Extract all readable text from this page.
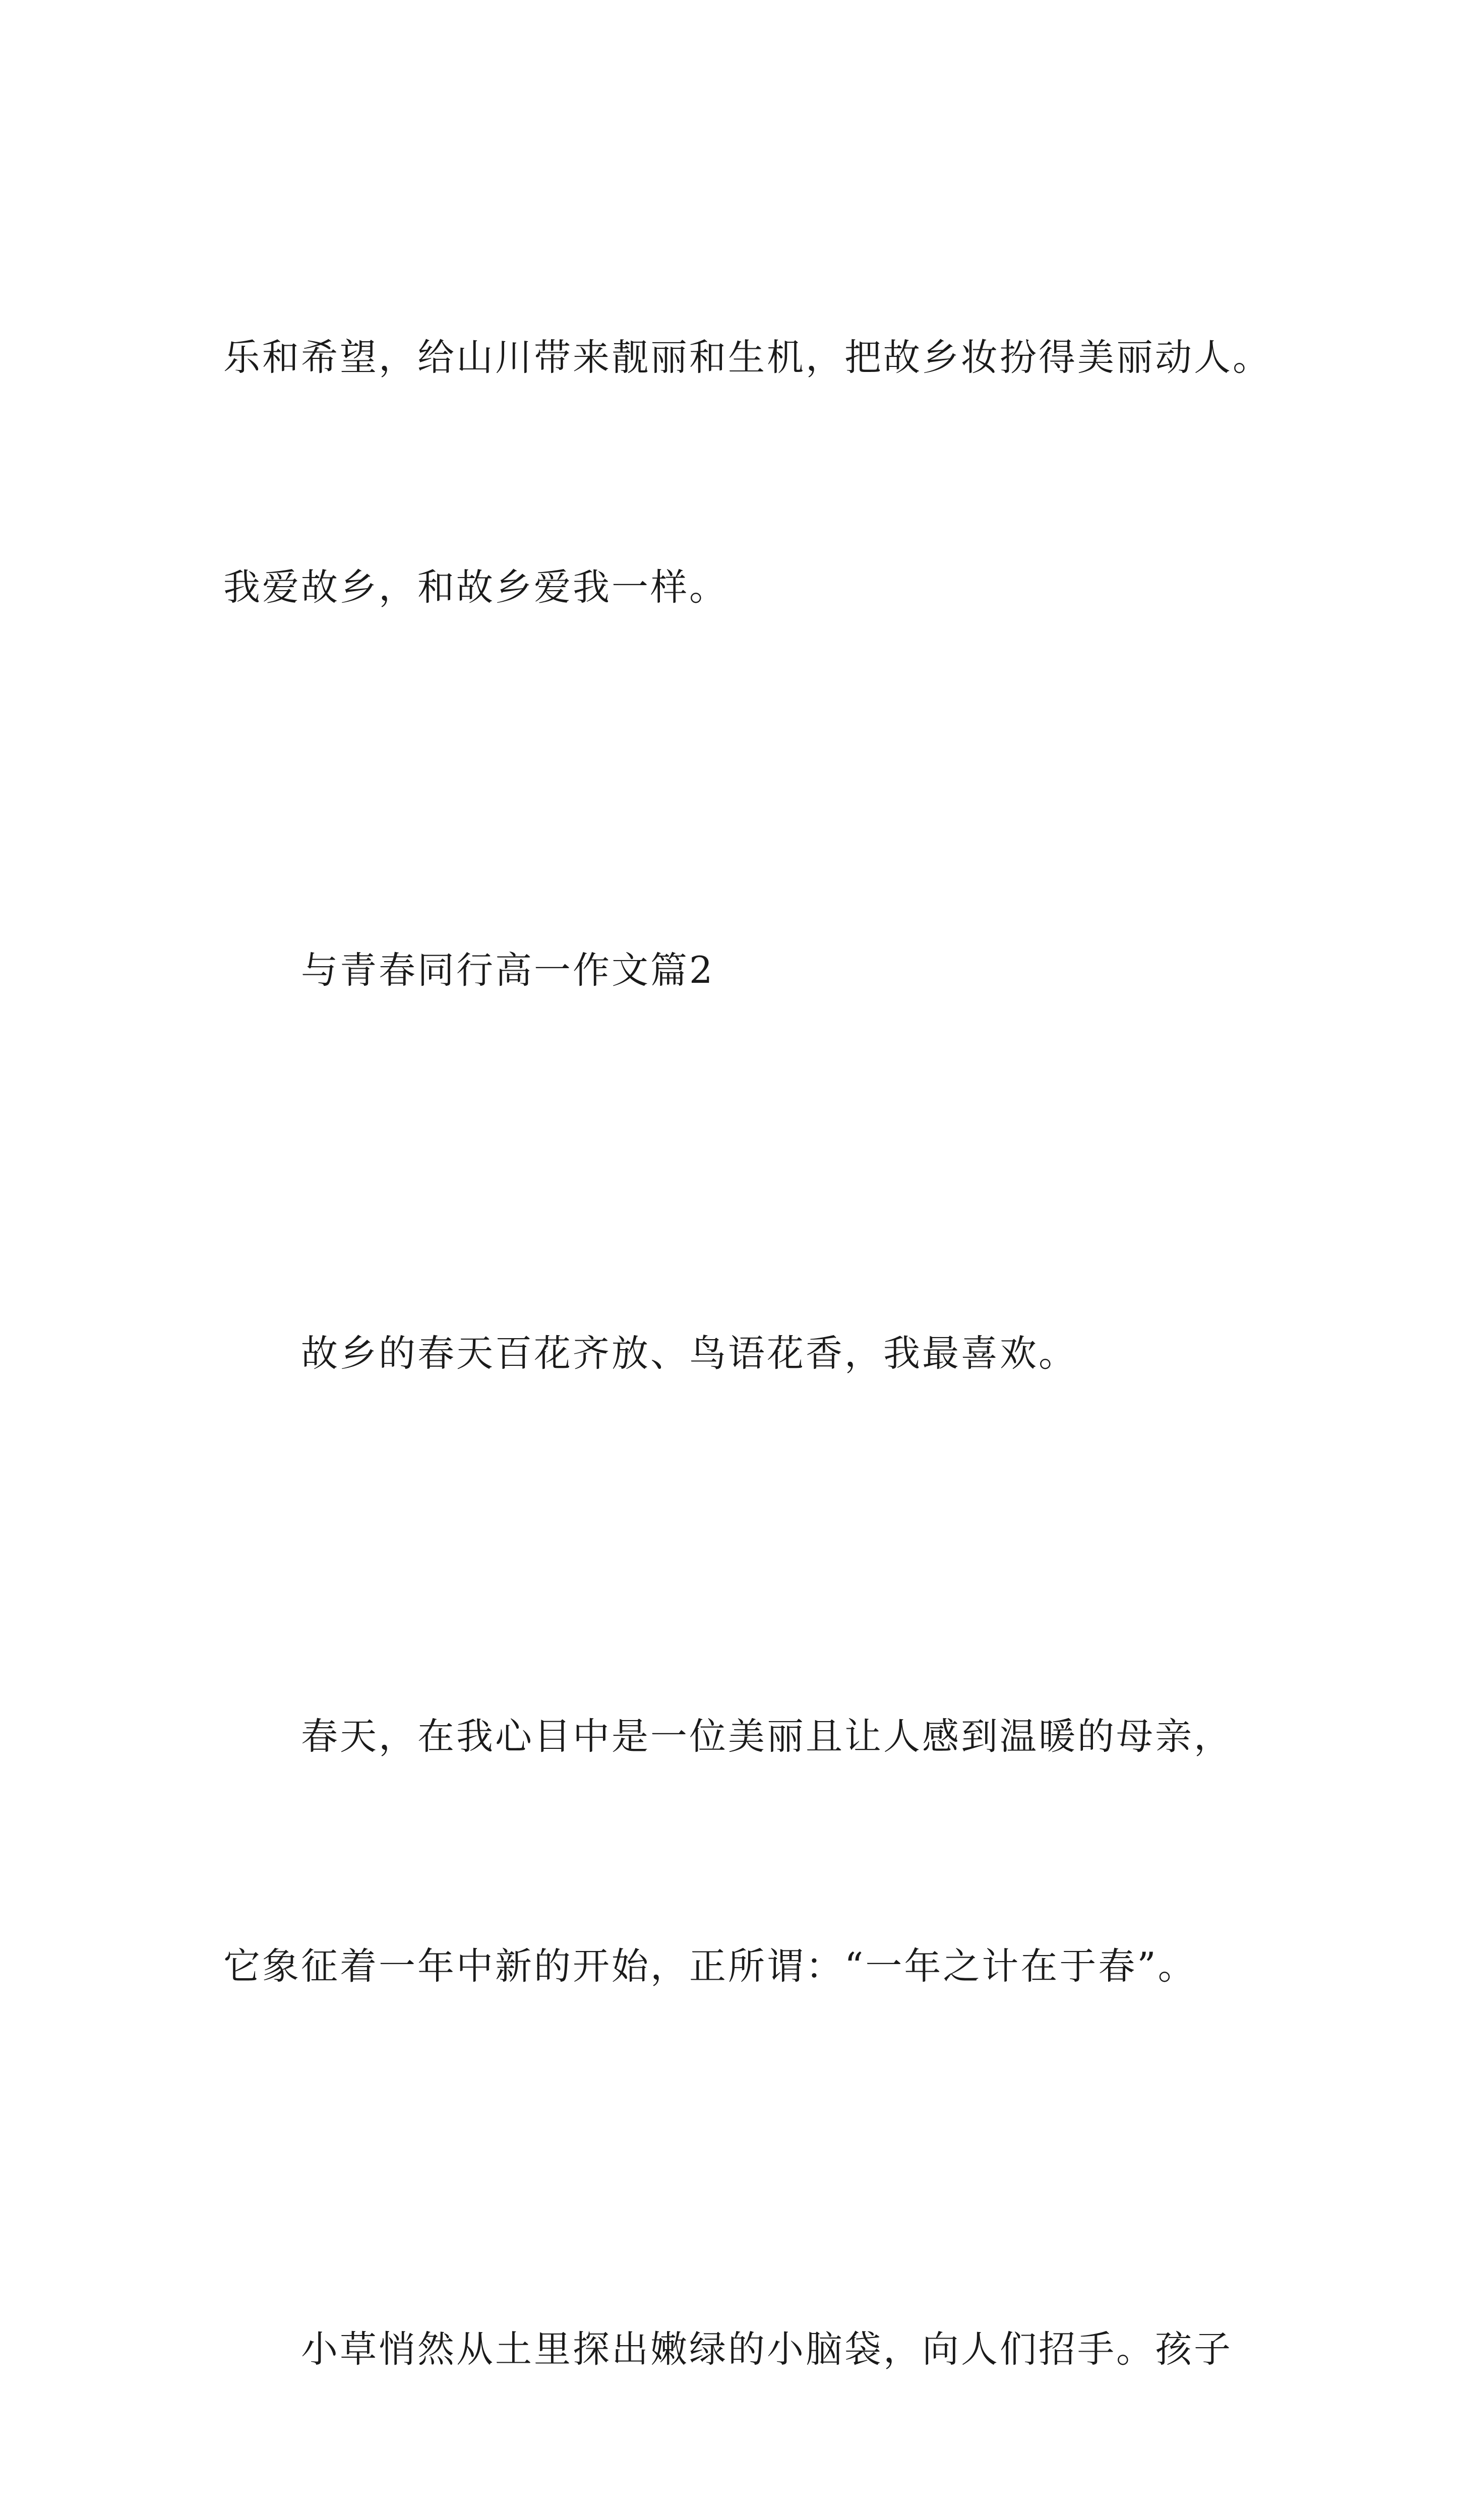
乐和希望，给山川带来靓丽和生机，把故乡妆扮得美丽动人。

我爱故乡，和故乡爱我一样。

　　与青春同行高一作文篇2

　　故乡的春天百花齐放、鸟语花香，我最喜欢。

　　春天，在我心目中是一位美丽且让人感到温暖的母亲，

它象征着一年中新的开始，正所谓：“一年之计在于春”。

　　小草悄然从土里探出嫩绿的小脑袋，向人们招手。孩子
